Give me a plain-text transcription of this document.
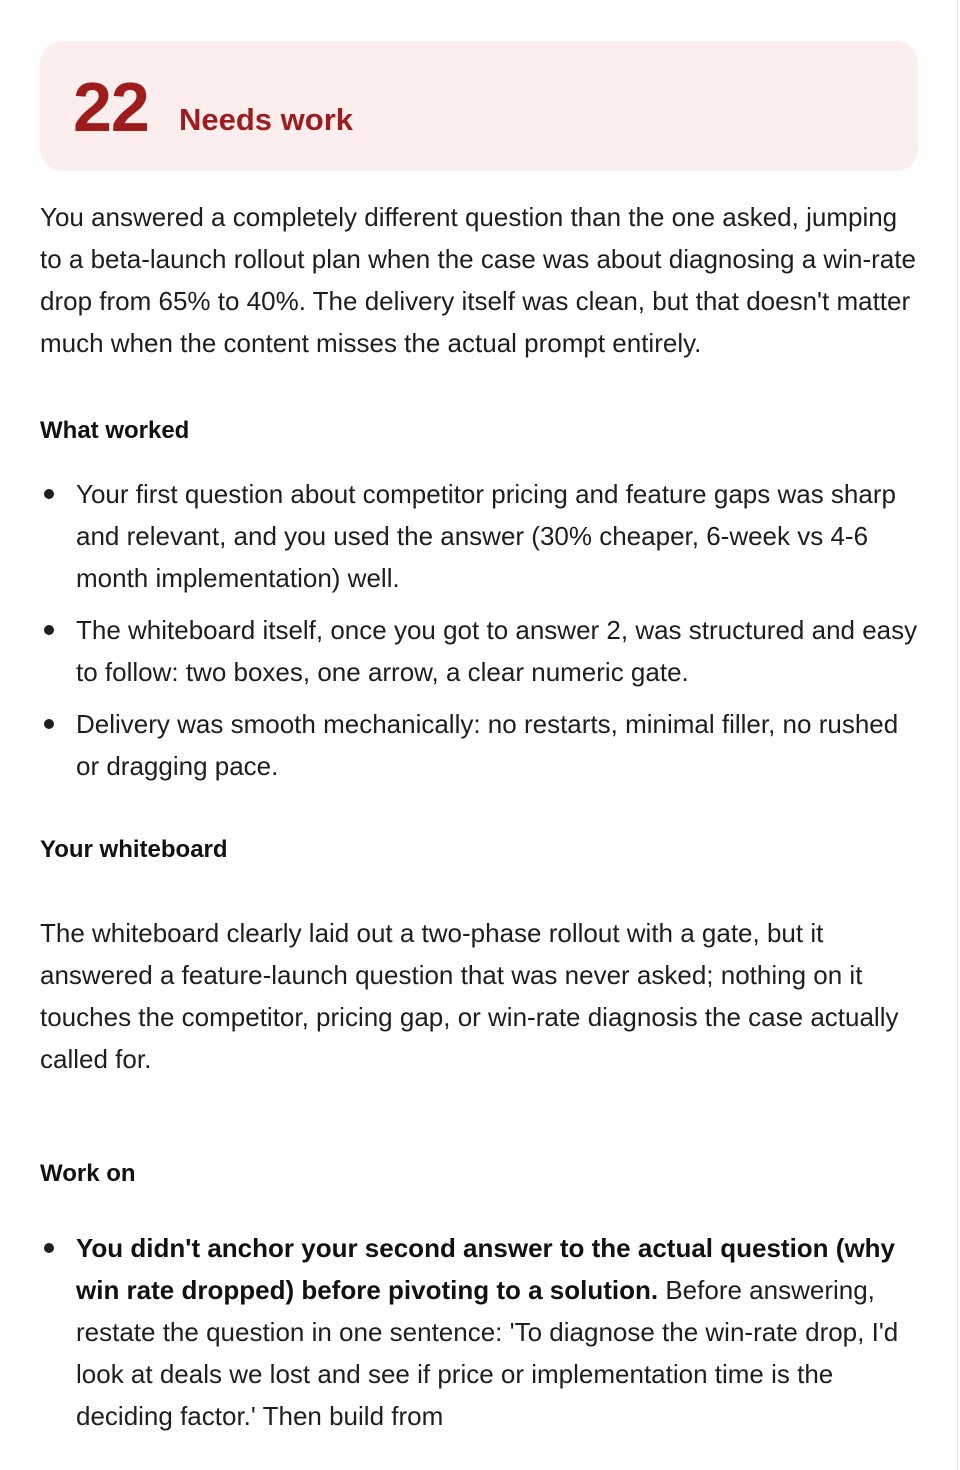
22 Needs work

You answered a completely different question than the one asked, jumping to a beta-launch rollout plan when the case was about diagnosing a win-rate drop from 65% to 40%. The delivery itself was clean, but that doesn't matter much when the content misses the actual prompt entirely.

What worked
Your first question about competitor pricing and feature gaps was sharp and relevant, and you used the answer (30% cheaper, 6-week vs 4-6 month implementation) well.
The whiteboard itself, once you got to answer 2, was structured and easy to follow: two boxes, one arrow, a clear numeric gate.
Delivery was smooth mechanically: no restarts, minimal filler, no rushed or dragging pace.
Your whiteboard

The whiteboard clearly laid out a two-phase rollout with a gate, but it answered a feature-launch question that was never asked; nothing on it touches the competitor, pricing gap, or win-rate diagnosis the case actually called for.

Work on
You didn't anchor your second answer to the actual question (why win rate dropped) before pivoting to a solution. Before answering, restate the question in one sentence: 'To diagnose the win-rate drop, I'd look at deals we lost and see if price or implementation time is the deciding factor.' Then build from
